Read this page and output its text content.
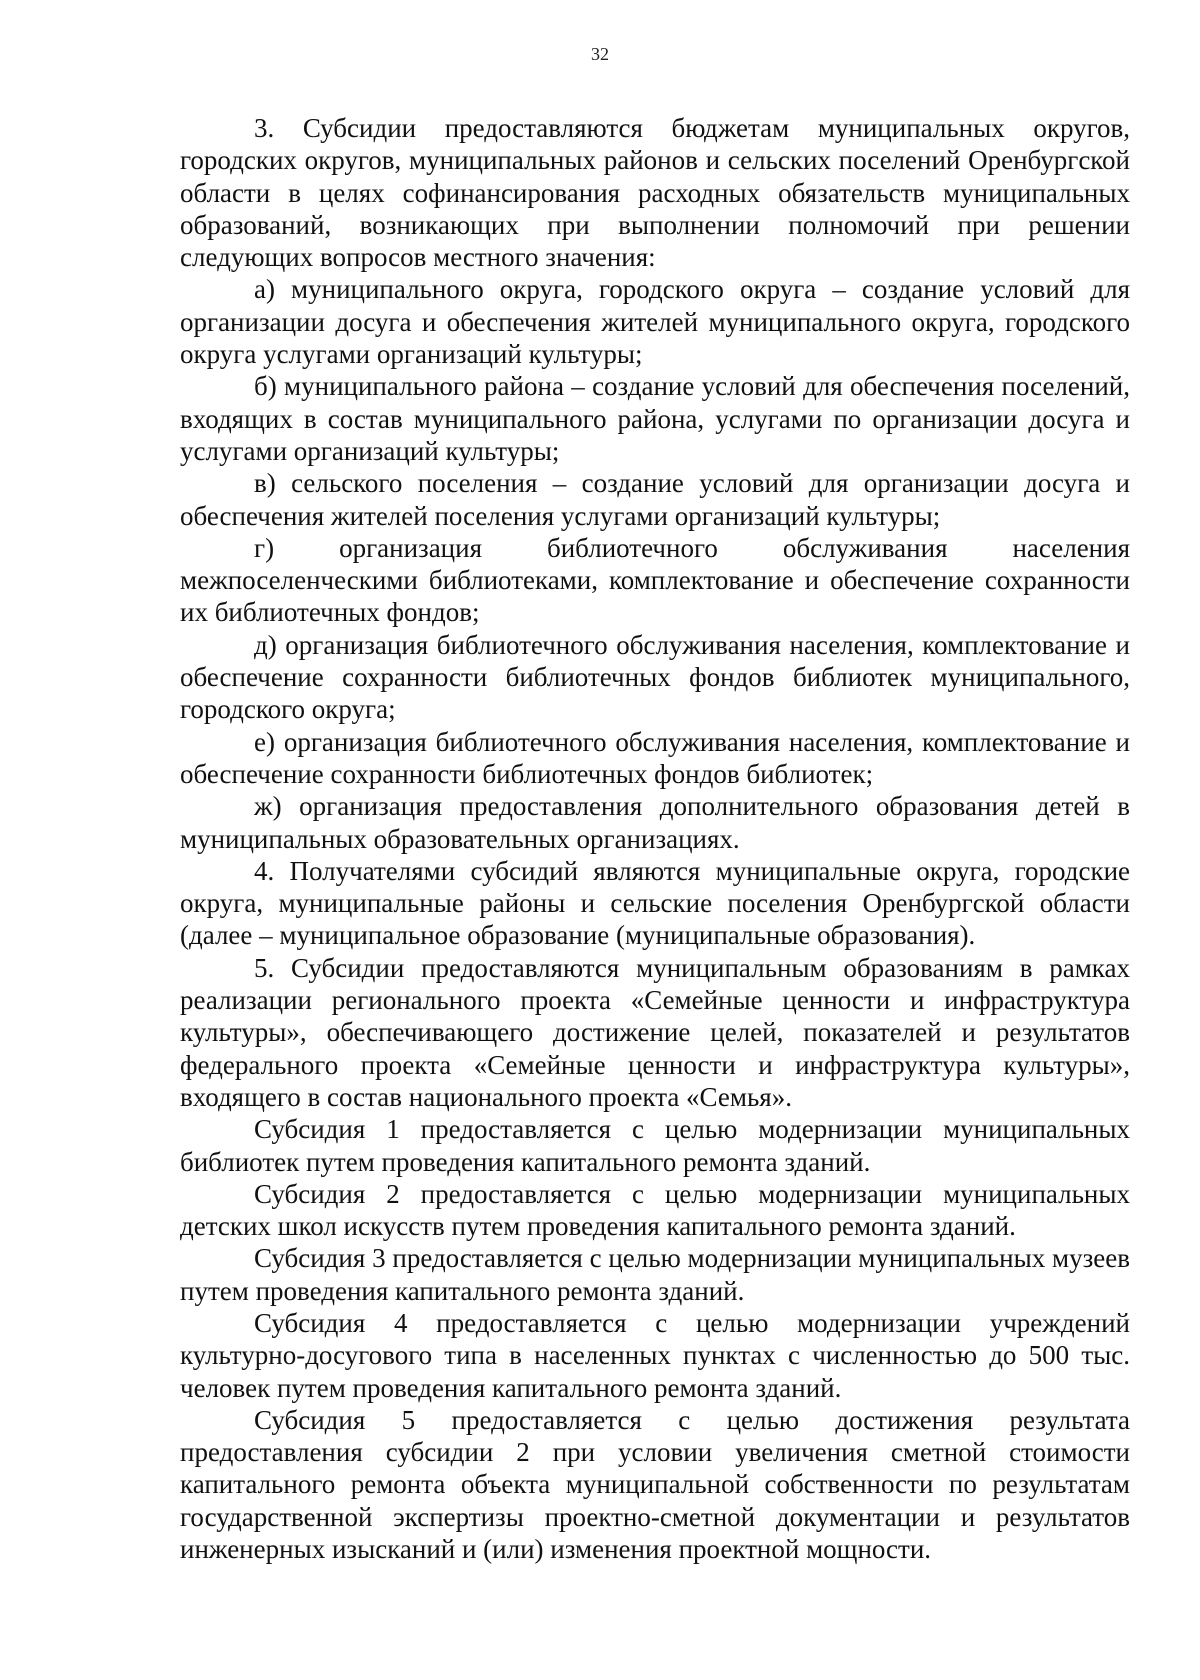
32

3. Субсидии предоставляются бюджетам муниципальных округов, городских округов, муниципальных районов и сельских поселений Оренбургской области в целях софинансирования расходных обязательств муниципальных образований, возникающих при выполнении полномочий при решении следующих вопросов местного значения:

а) муниципального округа, городского округа – создание условий для организации досуга и обеспечения жителей муниципального округа, городского округа услугами организаций культуры;

б) муниципального района – создание условий для обеспечения поселений, входящих в состав муниципального района, услугами по организации досуга и услугами организаций культуры;

в) сельского поселения – создание условий для организации досуга и обеспечения жителей поселения услугами организаций культуры;

г) организация библиотечного обслуживания населения межпоселенческими библиотеками, комплектование и обеспечение сохранности их библиотечных фондов;

д) организация библиотечного обслуживания населения, комплектование и обеспечение сохранности библиотечных фондов библиотек муниципального, городского округа;

е) организация библиотечного обслуживания населения, комплектование и обеспечение сохранности библиотечных фондов библиотек;

ж) организация предоставления дополнительного образования детей в муниципальных образовательных организациях.

4. Получателями субсидий являются муниципальные округа, городские округа, муниципальные районы и сельские поселения Оренбургской области (далее – муниципальное образование (муниципальные образования).

5. Субсидии предоставляются муниципальным образованиям в рамках реализации регионального проекта «Семейные ценности и инфраструктура культуры», обеспечивающего достижение целей, показателей и результатов федерального проекта «Семейные ценности и инфраструктура культуры», входящего в состав национального проекта «Семья».

Субсидия 1 предоставляется с целью модернизации муниципальных библиотек путем проведения капитального ремонта зданий.

Субсидия 2 предоставляется с целью модернизации муниципальных детских школ искусств путем проведения капитального ремонта зданий.

Субсидия 3 предоставляется с целью модернизации муниципальных музеев путем проведения капитального ремонта зданий.

Субсидия 4 предоставляется с целью модернизации учреждений культурно-досугового типа в населенных пунктах с численностью до 500 тыс. человек путем проведения капитального ремонта зданий.

Субсидия 5 предоставляется с целью достижения результата предоставления субсидии 2 при условии увеличения сметной стоимости капитального ремонта объекта муниципальной собственности по результатам государственной экспертизы проектно-сметной документации и результатов инженерных изысканий и (или) изменения проектной мощности.
